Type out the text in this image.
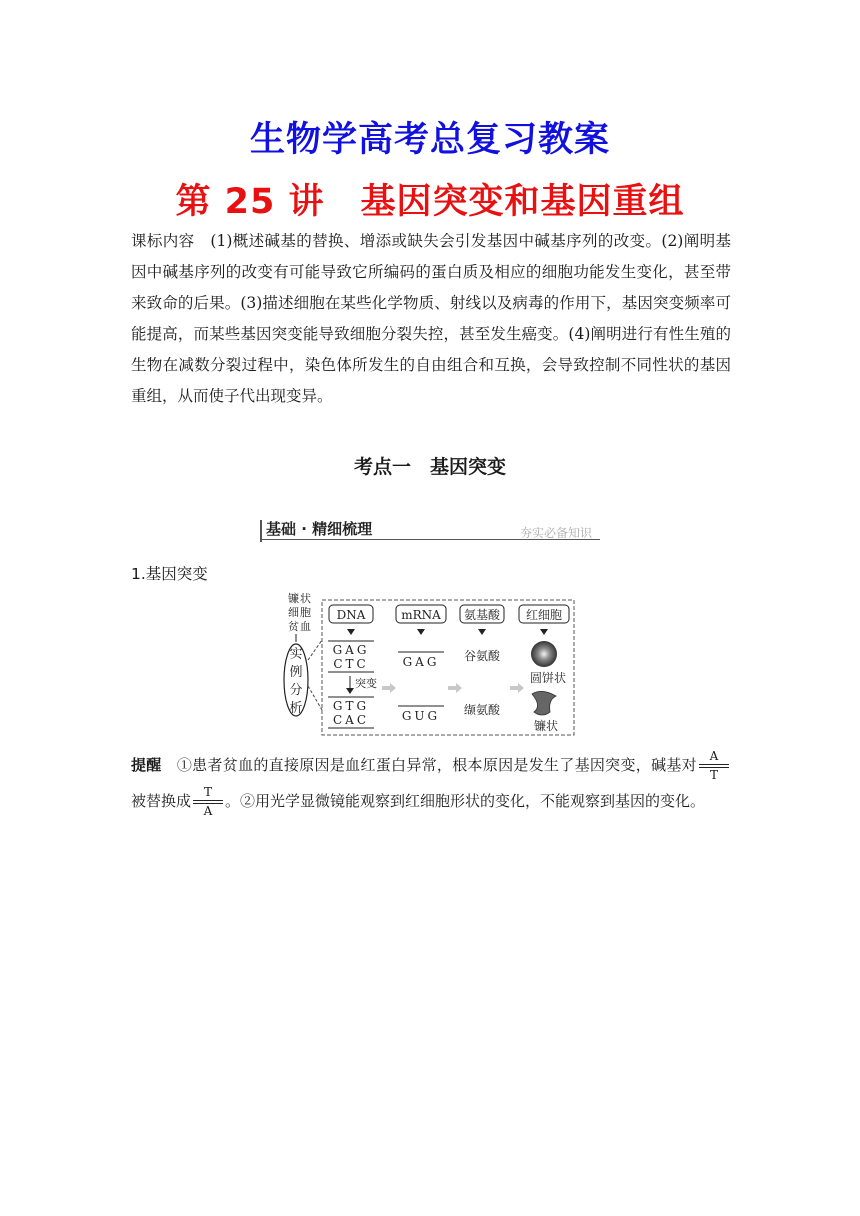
生物学高考总复习教案
第 25 讲　基因突变和基因重组
课标内容　 (1)概述碱基的替换、增添或缺失会引发基因中碱基序列的改变。(2)阐明基因中碱基序列的改变有可能导致它所编码的蛋白质及相应的细胞功能发生变化，甚至带来致命的后果。(3)描述细胞在某些化学物质、射线以及病毒的作用下，基因突变频率可能提高，而某些基因突变能导致细胞分裂失控，甚至发生癌变。(4)阐明进行有性生殖的生物在减数分裂过程中，染色体所发生的自由组合和互换，会导致控制不同性状的基因重组，从而使子代出现变异。
考点一　基因突变
基础 · 精细梳理	夯实必备知识
1.基因突变
镰 状
细 胞
贫 血
实
例
分
析
DNA	mRNA 氨基酸 红细胞
GAG
CTC
突变
GTG
CAC
GAG
GUG
谷氨酸
缬氨酸
圆饼状
镰状
提醒　 ①患者贫血的直接原因是血红蛋白异常，根本原因是发生了基因突变，碱基对 $\frac{A}{T}$
被替换成 $\frac{T}{A}$ 。②用光学显微镜能观察到红细胞形状的变化，不能观察到基因的变化。
